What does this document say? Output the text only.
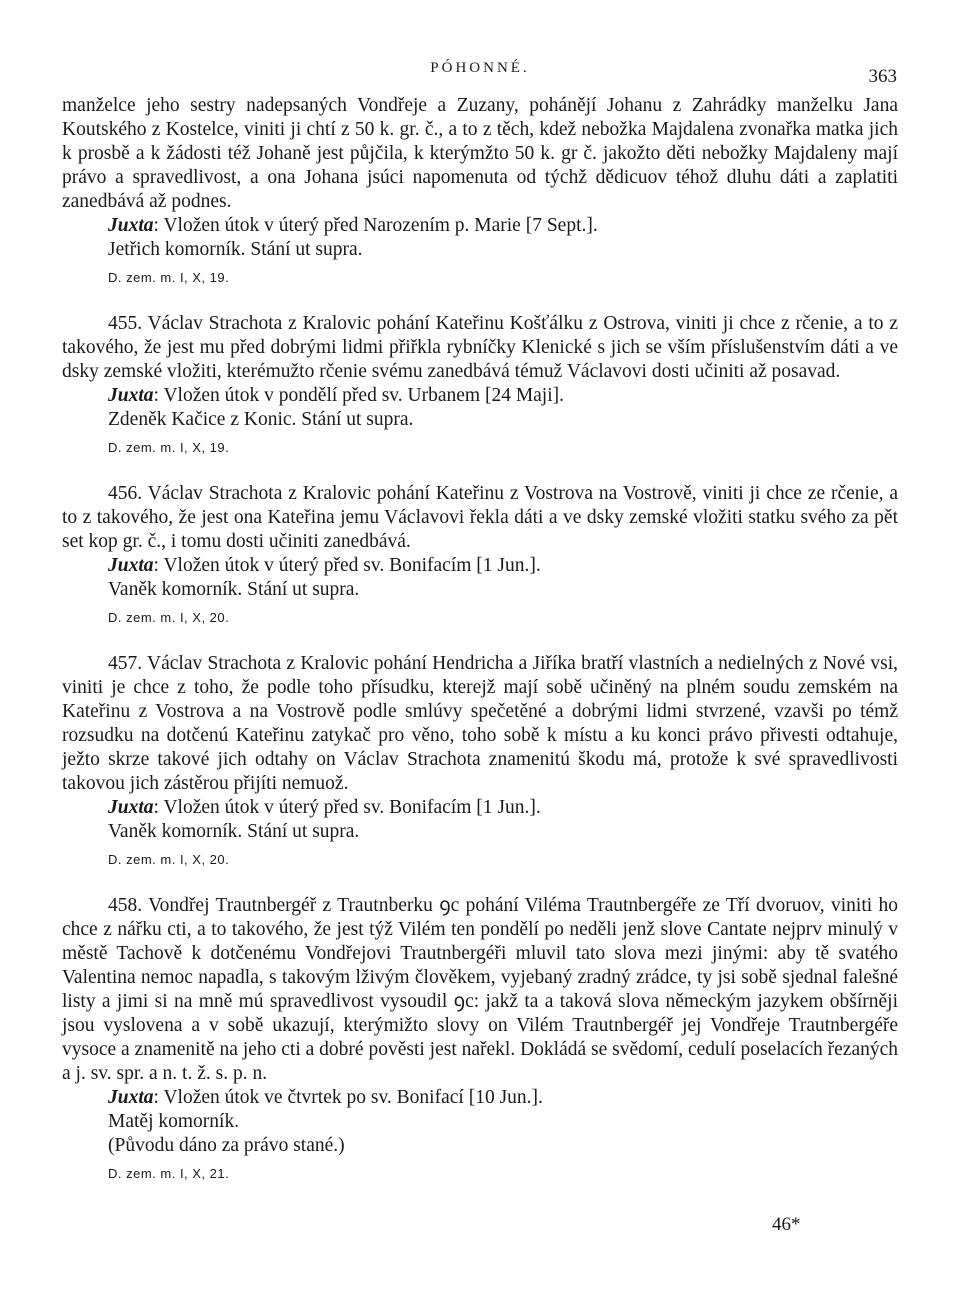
PÓHONNÉ.	363

manželce jeho sestry nadepsaných Vondřeje a Zuzany, pohánějí Johanu z Zahrádky manželku Jana Koutského z Kostelce, viniti ji chtí z 50 k. gr. č., a to z těch, kdež nebožka Majdalena zvonařka matka jich k prosbě a k žádosti též Johaně jest půjčila, k kterýmžto 50 k. gr č. jakožto děti nebožky Majdaleny mají právo a spravedlivost, a ona Johana jsúci napomenuta od týchž dědicuov téhož dluhu dáti a zaplatiti zanedbává až podnes.

Juxta: Vložen útok v úterý před Narozením p. Marie [7 Sept.].

Jetřich komorník. Stání ut supra.

D. zem. m. I, X, 19.

455. Václav Strachota z Kralovic pohání Kateřinu Košťálku z Ostrova, viniti ji chce z rčenie, a to z takového, že jest mu před dobrými lidmi přiřkla rybníčky Klenické s jich se vším příslušenstvím dáti a ve dsky zemské vložiti, kterémužto rčenie svému zanedbává témuž Václavovi dosti učiniti až posavad.

Juxta: Vložen útok v pondělí před sv. Urbanem [24 Maji].

Zdeněk Kačice z Konic. Stání ut supra.

D. zem. m. I, X, 19.

456. Václav Strachota z Kralovic pohání Kateřinu z Vostrova na Vostrově, viniti ji chce ze rčenie, a to z takového, že jest ona Kateřina jemu Václavovi řekla dáti a ve dsky zemské vložiti statku svého za pět set kop gr. č., i tomu dosti učiniti zanedbává.

Juxta: Vložen útok v úterý před sv. Bonifacím [1 Jun.].

Vaněk komorník. Stání ut supra.

D. zem. m. I, X, 20.

457. Václav Strachota z Kralovic pohání Hendricha a Jiříka bratří vlastních a nedielných z Nové vsi, viniti je chce z toho, že podle toho přísudku, kterejž mají sobě učiněný na plném soudu zemském na Kateřinu z Vostrova a na Vostrově podle smlúvy spečetěné a dobrými lidmi stvrzené, vzavši po témž rozsudku na dotčenú Kateřinu zatykač pro věno, toho sobě k místu a ku konci právo přivesti odtahuje, ježto skrze takové jich odtahy on Václav Strachota znamenitú škodu má, protože k své spravedlivosti takovou jich zástěrou přijíti nemuož.

Juxta: Vložen útok v úterý před sv. Bonifacím [1 Jun.].

Vaněk komorník. Stání ut supra.

D. zem. m. I, X, 20.

458. Vondřej Trautnbergéř z Trautnberku ꝯc pohání Viléma Trautnbergéře ze Tří dvoruov, viniti ho chce z nářku cti, a to takového, že jest týž Vilém ten pondělí po neděli jenž slove Cantate nejprv minulý v městě Tachově k dotčenému Vondřejovi Trautnbergéři mluvil tato slova mezi jinými: aby tě svatého Valentina nemoc napadla, s takovým lživým člověkem, vyjebaný zradný zrádce, ty jsi sobě sjednal falešné listy a jimi si na mně mú spravedlivost vysoudil ꝯc: jakž ta a taková slova německým jazykem obšírněji jsou vyslovena a v sobě ukazují, kterýmižto slovy on Vilém Trautnbergéř jej Vondřeje Trautnbergéře vysoce a znamenitě na jeho cti a dobré pověsti jest nařekl. Dokládá se svědomí, cedulí poselacích řezaných a j. sv. spr. a n. t. ž. s. p. n.

Juxta: Vložen útok ve čtvrtek po sv. Bonifací [10 Jun.].

Matěj komorník.

(Původu dáno za právo stané.)

D. zem. m. I, X, 21.

46*
